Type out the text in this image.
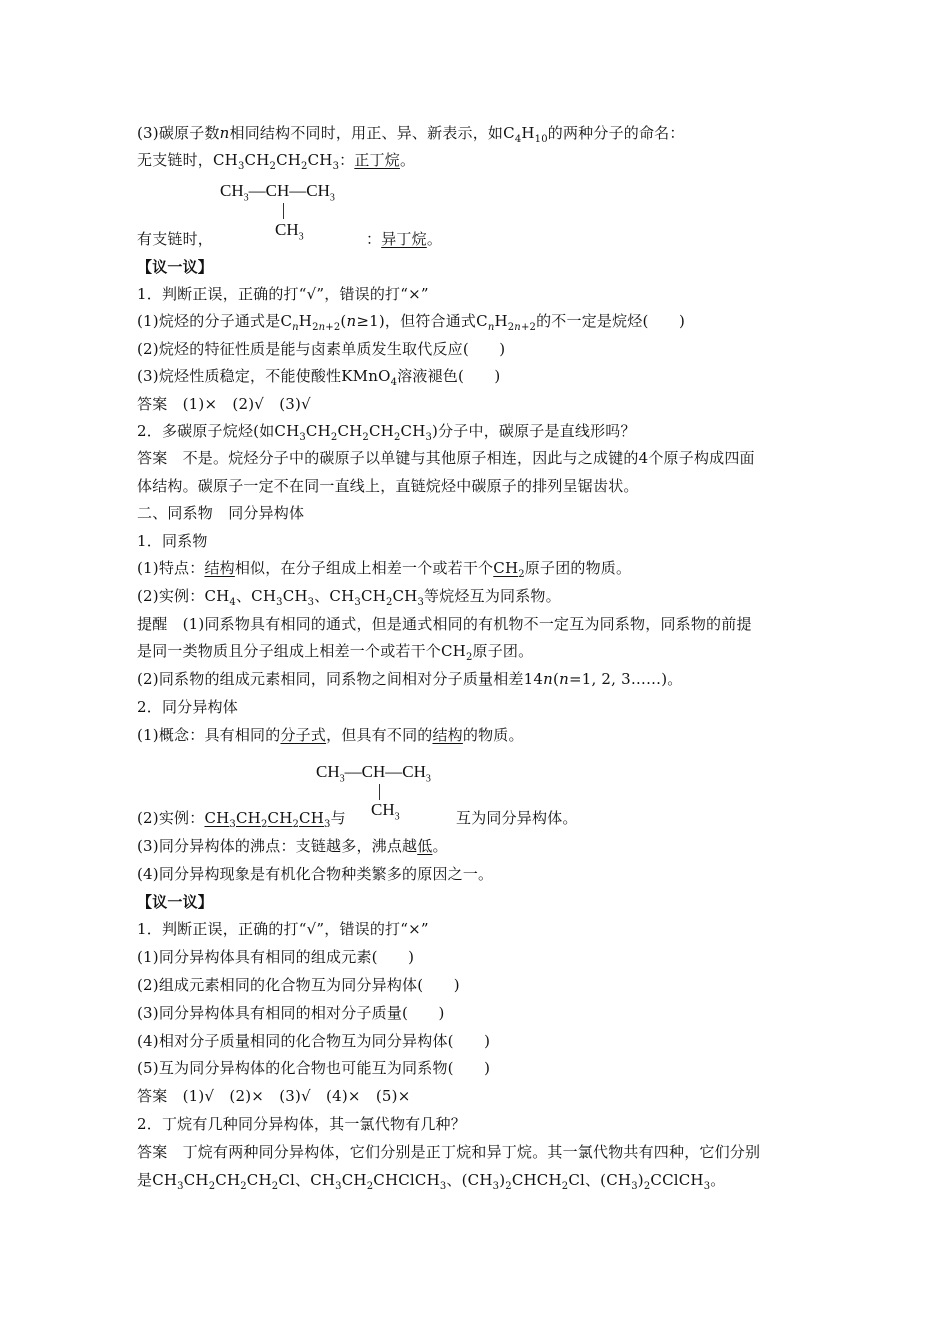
(3)碳原子数n相同结构不同时，用正、异、新表示，如$C_4H_{10}$的两种分子的命名：
无支链时，$CH_3CH_2CH_2CH_3$：正丁烷。
$CH_3—CH—CH_3$
$CH_3$
有支链时，	：异丁烷。
【议一议】
1．判断正误，正确的打“√”，错误的打“×”
(1)烷烃的分子通式是$C_nH_{2n+2}(n\ge 1)$，但符合通式$C_nH_{2n+2}$的不一定是烷烃(　　)
(2)烷烃的特征性质是能与卤素单质发生取代反应(　　)
(3)烷烃性质稳定，不能使酸性KMnO$_4$溶液褪色(　　)
答案　(1)×　(2)√　(3)√
2．多碳原子烷烃(如$CH_3CH_2CH_2CH_2CH_3$)分子中，碳原子是直线形吗？
答案　不是。烷烃分子中的碳原子以单键与其他原子相连，因此与之成键的4个原子构成四面
体结构。碳原子一定不在同一直线上，直链烷烃中碳原子的排列呈锯齿状。
二、同系物　同分异构体
1．同系物
(1)特点：结构相似，在分子组成上相差一个或若干个$CH_2$原子团的物质。
(2)实例：$CH_4$、$CH_3CH_3$、$CH_3CH_2CH_3$等烷烃互为同系物。
提醒　(1)同系物具有相同的通式，但是通式相同的有机物不一定互为同系物，同系物的前提
是同一类物质且分子组成上相差一个或若干个$CH_2$原子团。
(2)同系物的组成元素相同，同系物之间相对分子质量相差14n(n=1, 2, 3……)。
2．同分异构体
(1)概念：具有相同的分子式，但具有不同的结构的物质。
$CH_3—CH—CH_3$
$CH_3$
(2)实例：$CH_3CH_2CH_2CH_3$与	互为同分异构体。
(3)同分异构体的沸点：支链越多，沸点越低。
(4)同分异构现象是有机化合物种类繁多的原因之一。
【议一议】
1．判断正误，正确的打“√”，错误的打“×”
(1)同分异构体具有相同的组成元素(　　)
(2)组成元素相同的化合物互为同分异构体(　　)
(3)同分异构体具有相同的相对分子质量(　　)
(4)相对分子质量相同的化合物互为同分异构体(　　)
(5)互为同分异构体的化合物也可能互为同系物(　　)
答案　(1)√　(2)×　(3)√　(4)×　(5)×
2．丁烷有几种同分异构体，其一氯代物有几种？
答案　丁烷有两种同分异构体，它们分别是正丁烷和异丁烷。其一氯代物共有四种，它们分别
是$CH_3CH_2CH_2CH_2Cl$、$CH_3CH_2CHClCH_3$、$(CH_3)_2CHCH_2Cl$、$(CH_3)_2CClCH_3$。
